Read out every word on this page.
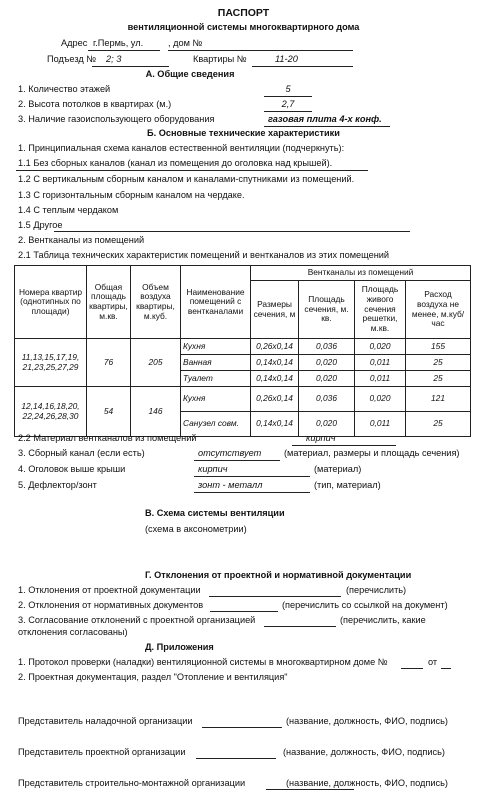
ПАСПОРТ
вентиляционной системы многоквартирного дома
Адрес г.Пермь, ул.	, дом №
Подъезд № 2; 3	Квартиры №	11-20
А. Общие сведения
1. Количество этажей	5
2. Высота потолков в квартирах (м.)	2,7
3. Наличие газоиспользующего оборудования	газовая плита 4-х конф.
Б. Основные технические характеристики
1. Принципиальная схема каналов естественной вентиляции (подчеркнуть):
1.1 Без сборных каналов (канал из помещения до оголовка над крышей).
1.2 С вертикальным сборным каналом и каналами-спутниками из помещений.
1.3 С горизонтальным сборным каналом на чердаке.
1.4 С теплым чердаком
1.5 Другое
2. Вентканалы из помещений
2.1 Таблица технических характеристик помещений и вентканалов из этих помещений
Номера квартир (однотипных по площади)	Общая площадь квартиры, м.кв.	Объем воздуха квартиры, м.куб.	Наименование помещений с вентканалами	Вентканалы из помещений			
				Размеры сечения, м	Площадь сечения, м. кв.	Площадь живого сечения решетки, м.кв.	Расход воздуха не менее, м.куб/час
11,13,15,17,19, 21,23,25,27,29	76	205	Кухня	0,26х0,14	0,036	0,020	155
			Ванная	0,14х0,14	0,020	0,011	25
			Туалет	0,14х0,14	0,020	0,011	25
12,14,16,18,20, 22,24,26,28,30	54	146	Кухня	0,26х0,14	0,036	0,020	121
			Санузел совм.	0,14х0,14	0,020	0,011	25
2.2 Материал вентканалов из помещений	кирпич
3. Сборный канал (если есть)	отсутствует (материал, размеры и площадь сечения)
4. Оголовок выше крыши	кирпич	(материал)
5. Дефлектор/зонт	зонт - металл	(тип, материал)
В. Схема системы вентиляции
(схема в аксонометрии)
Г. Отклонения от проектной и нормативной документации
1. Отклонения от проектной документации	(перечислить)
2. Отклонения от нормативных документов	(перечислить со ссылкой на документ)
3. Согласование отклонений с проектной организацией	(перечислить, какие
отклонения согласованы)
Д. Приложения
1. Протокол проверки (наладки) вентиляционной системы в многоквартирном доме №	от
2. Проектная документация, раздел "Отопление и вентиляция"
Представитель наладочной организации	(название, должность, ФИО, подпись)
Представитель проектной организации	(название, должность, ФИО, подпись)
Представитель строительно-монтажной организации	(название, должность, ФИО, подпись)
